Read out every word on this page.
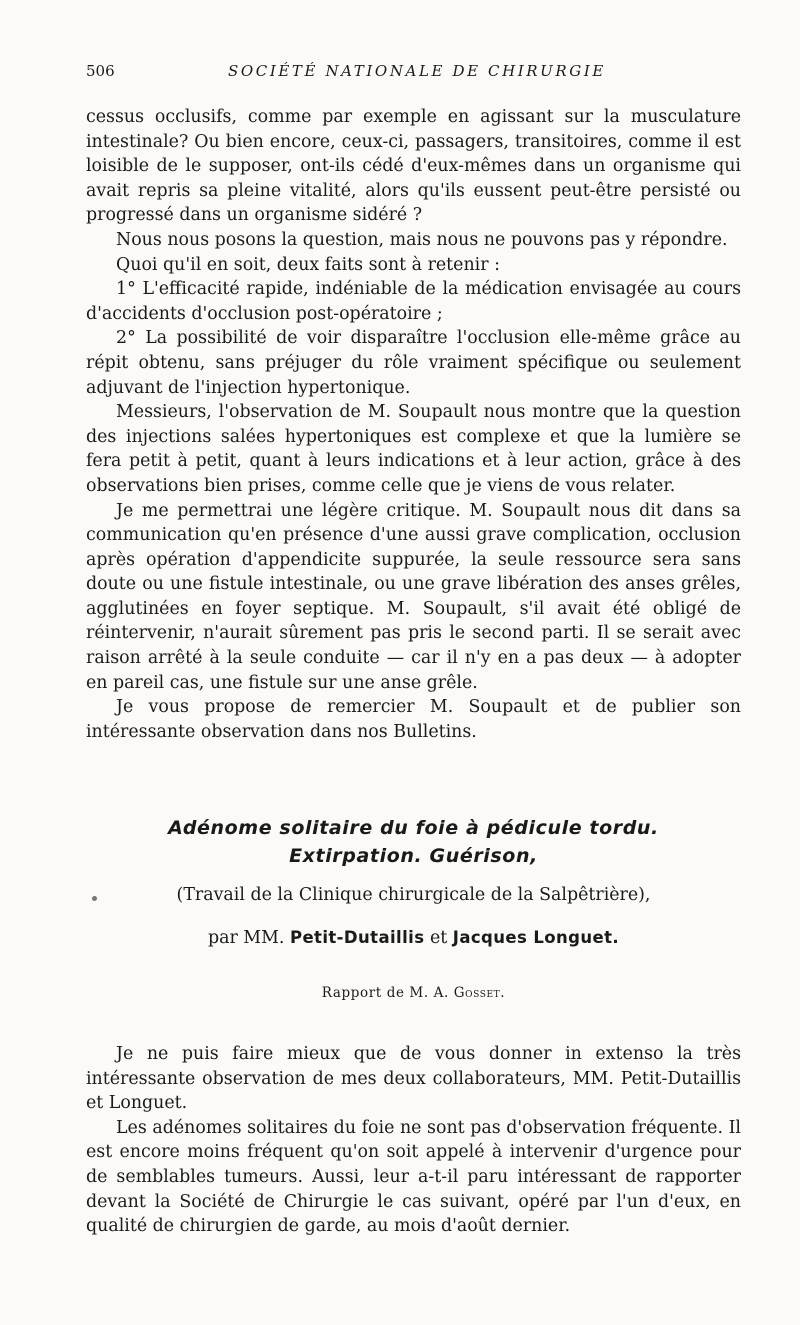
506	SOCIÉTÉ NATIONALE DE CHIRURGIE

cessus occlusifs, comme par exemple en agissant sur la musculature intestinale? Ou bien encore, ceux-ci, passagers, transitoires, comme il est loisible de le supposer, ont-ils cédé d'eux-mêmes dans un organisme qui avait repris sa pleine vitalité, alors qu'ils eussent peut-être persisté ou progressé dans un organisme sidéré ?

Nous nous posons la question, mais nous ne pouvons pas y répondre.

Quoi qu'il en soit, deux faits sont à retenir :

1° L'efficacité rapide, indéniable de la médication envisagée au cours d'accidents d'occlusion post-opératoire ;

2° La possibilité de voir disparaître l'occlusion elle-même grâce au répit obtenu, sans préjuger du rôle vraiment spécifique ou seulement adjuvant de l'injection hypertonique.

Messieurs, l'observation de M. Soupault nous montre que la question des injections salées hypertoniques est complexe et que la lumière se fera petit à petit, quant à leurs indications et à leur action, grâce à des observations bien prises, comme celle que je viens de vous relater.

Je me permettrai une légère critique. M. Soupault nous dit dans sa communication qu'en présence d'une aussi grave complication, occlusion après opération d'appendicite suppurée, la seule ressource sera sans doute ou une fistule intestinale, ou une grave libération des anses grêles, agglutinées en foyer septique. M. Soupault, s'il avait été obligé de réintervenir, n'aurait sûrement pas pris le second parti. Il se serait avec raison arrêté à la seule conduite — car il n'y en a pas deux — à adopter en pareil cas, une fistule sur une anse grêle.

Je vous propose de remercier M. Soupault et de publier son intéressante observation dans nos Bulletins.

Adénome solitaire du foie à pédicule tordu.
Extirpation. Guérison,
(Travail de la Clinique chirurgicale de la Salpêtrière),
par MM. Petit-Dutaillis et Jacques Longuet.
Rapport de M. A. Gosset.

Je ne puis faire mieux que de vous donner in extenso la très intéressante observation de mes deux collaborateurs, MM. Petit-Dutaillis et Longuet.

Les adénomes solitaires du foie ne sont pas d'observation fréquente. Il est encore moins fréquent qu'on soit appelé à intervenir d'urgence pour de semblables tumeurs. Aussi, leur a-t-il paru intéressant de rapporter devant la Société de Chirurgie le cas suivant, opéré par l'un d'eux, en qualité de chirurgien de garde, au mois d'août dernier.
